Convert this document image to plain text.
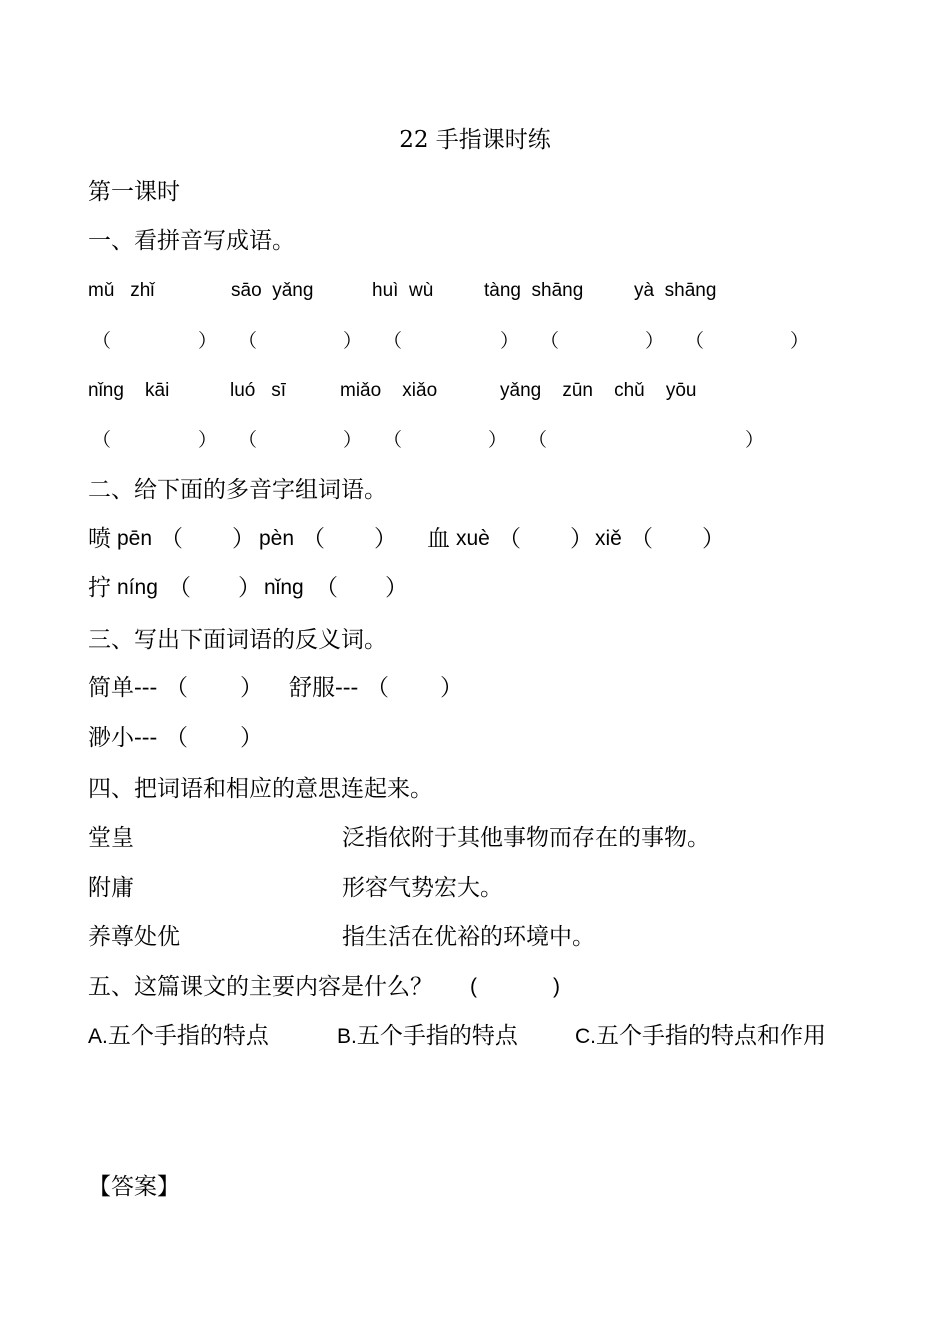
22 手指课时练
第一课时
一、看拼音写成语。
mǔ   zhǐ	sāo  yǎng	huì  wù	tàng  shāng	yà  shāng
（	） （	） （	） （	） （	）
nǐng    kāi	luó   sī	miǎo    xiǎo	yǎng    zūn    chǔ    yōu
（	） （	） （	） （	）
二、给下面的多音字组词语。
喷 pēn （ ） pèn （ ） 血 xuè （ ） xiě （ ）
拧 níng （ ） nǐng （ ）
三、写出下面词语的反义词。
简单--- （ ） 舒服--- （ ）
渺小--- （ ）
四、把词语和相应的意思连起来。
堂皇	泛指依附于其他事物而存在的事物。
附庸	形容气势宏大。
养尊处优	指生活在优裕的环境中。
五、这篇课文的主要内容是什么？ (	)
A.五个手指的特点	B.五个手指的特点	C.五个手指的特点和作用
【答案】
